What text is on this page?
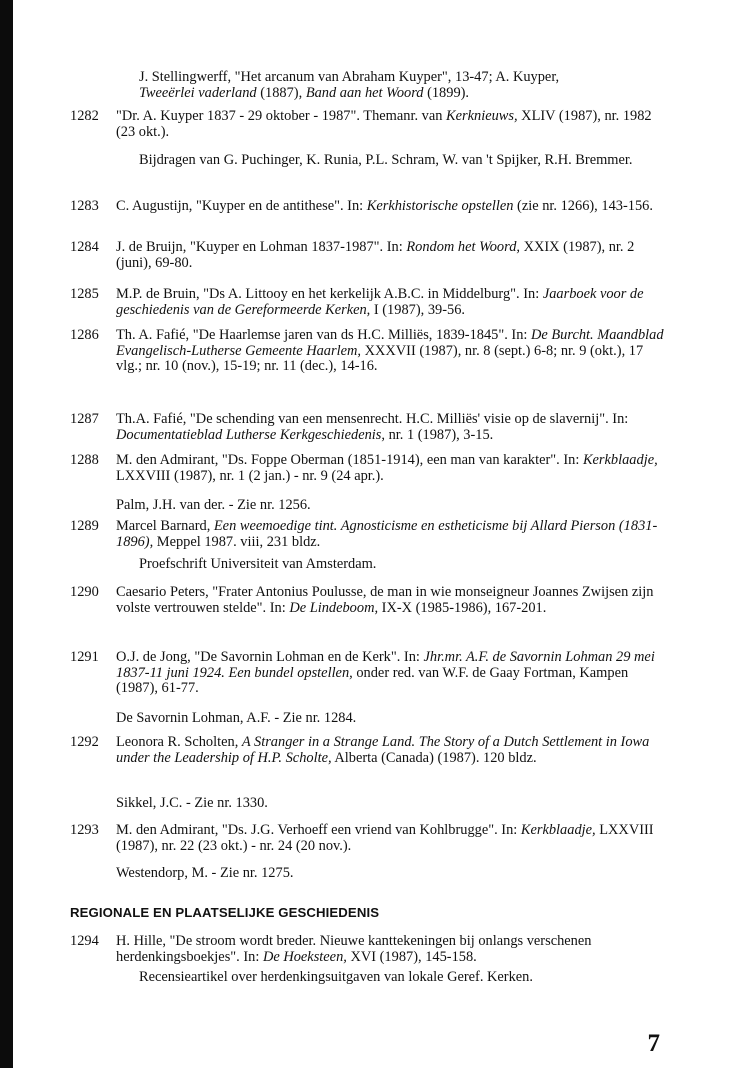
J. Stellingwerff, "Het arcanum van Abraham Kuyper", 13-47; A. Kuyper,
Tweeërlei vaderland (1887), Band aan het Woord (1899).

1282 "Dr. A. Kuyper 1837 - 29 oktober - 1987". Themanr. van Kerknieuws, XLIV (1987), nr. 1982 (23 okt.).

Bijdragen van G. Puchinger, K. Runia, P.L. Schram, W. van 't Spijker, R.H. Bremmer.

1283 C. Augustijn, "Kuyper en de antithese". In: Kerkhistorische opstellen (zie nr. 1266), 143-156.

1284 J. de Bruijn, "Kuyper en Lohman 1837-1987". In: Rondom het Woord, XXIX (1987), nr. 2 (juni), 69-80.

1285 M.P. de Bruin, "Ds A. Littooy en het kerkelijk A.B.C. in Middelburg". In: Jaarboek voor de geschiedenis van de Gereformeerde Kerken, I (1987), 39-56.

1286 Th. A. Fafié, "De Haarlemse jaren van ds H.C. Milliës, 1839-1845". In: De Burcht. Maandblad Evangelisch-Lutherse Gemeente Haarlem, XXXVII (1987), nr. 8 (sept.) 6-8; nr. 9 (okt.), 17 vlg.; nr. 10 (nov.), 15-19; nr. 11 (dec.), 14-16.

1287 Th.A. Fafié, "De schending van een mensenrecht. H.C. Milliës' visie op de slavernij". In: Documentatieblad Lutherse Kerkgeschiedenis, nr. 1 (1987), 3-15.

1288 M. den Admirant, "Ds. Foppe Oberman (1851-1914), een man van karakter". In: Kerkblaadje, LXXVIII (1987), nr. 1 (2 jan.) - nr. 9 (24 apr.).

Palm, J.H. van der. - Zie nr. 1256.

1289 Marcel Barnard, Een weemoedige tint. Agnosticisme en estheticisme bij Allard Pierson (1831-1896), Meppel 1987. viii, 231 bldz.

Proefschrift Universiteit van Amsterdam.

1290 Caesario Peters, "Frater Antonius Poulusse, de man in wie monseigneur Joannes Zwijsen zijn volste vertrouwen stelde". In: De Lindeboom, IX-X (1985-1986), 167-201.

1291 O.J. de Jong, "De Savornin Lohman en de Kerk". In: Jhr.mr. A.F. de Savornin Lohman 29 mei 1837-11 juni 1924. Een bundel opstellen, onder red. van W.F. de Gaay Fortman, Kampen (1987), 61-77.

De Savornin Lohman, A.F. - Zie nr. 1284.

1292 Leonora R. Scholten, A Stranger in a Strange Land. The Story of a Dutch Settlement in Iowa under the Leadership of H.P. Scholte, Alberta (Canada) (1987). 120 bldz.

Sikkel, J.C. - Zie nr. 1330.

1293 M. den Admirant, "Ds. J.G. Verhoeff een vriend van Kohlbrugge". In: Kerkblaadje, LXXVIII (1987), nr. 22 (23 okt.) - nr. 24 (20 nov.).

Westendorp, M. - Zie nr. 1275.

REGIONALE EN PLAATSELIJKE GESCHIEDENIS

1294 H. Hille, "De stroom wordt breder. Nieuwe kanttekeningen bij onlangs verschenen herdenkingsboekjes". In: De Hoeksteen, XVI (1987), 145-158.

Recensieartikel over herdenkingsuitgaven van lokale Geref. Kerken.

7
